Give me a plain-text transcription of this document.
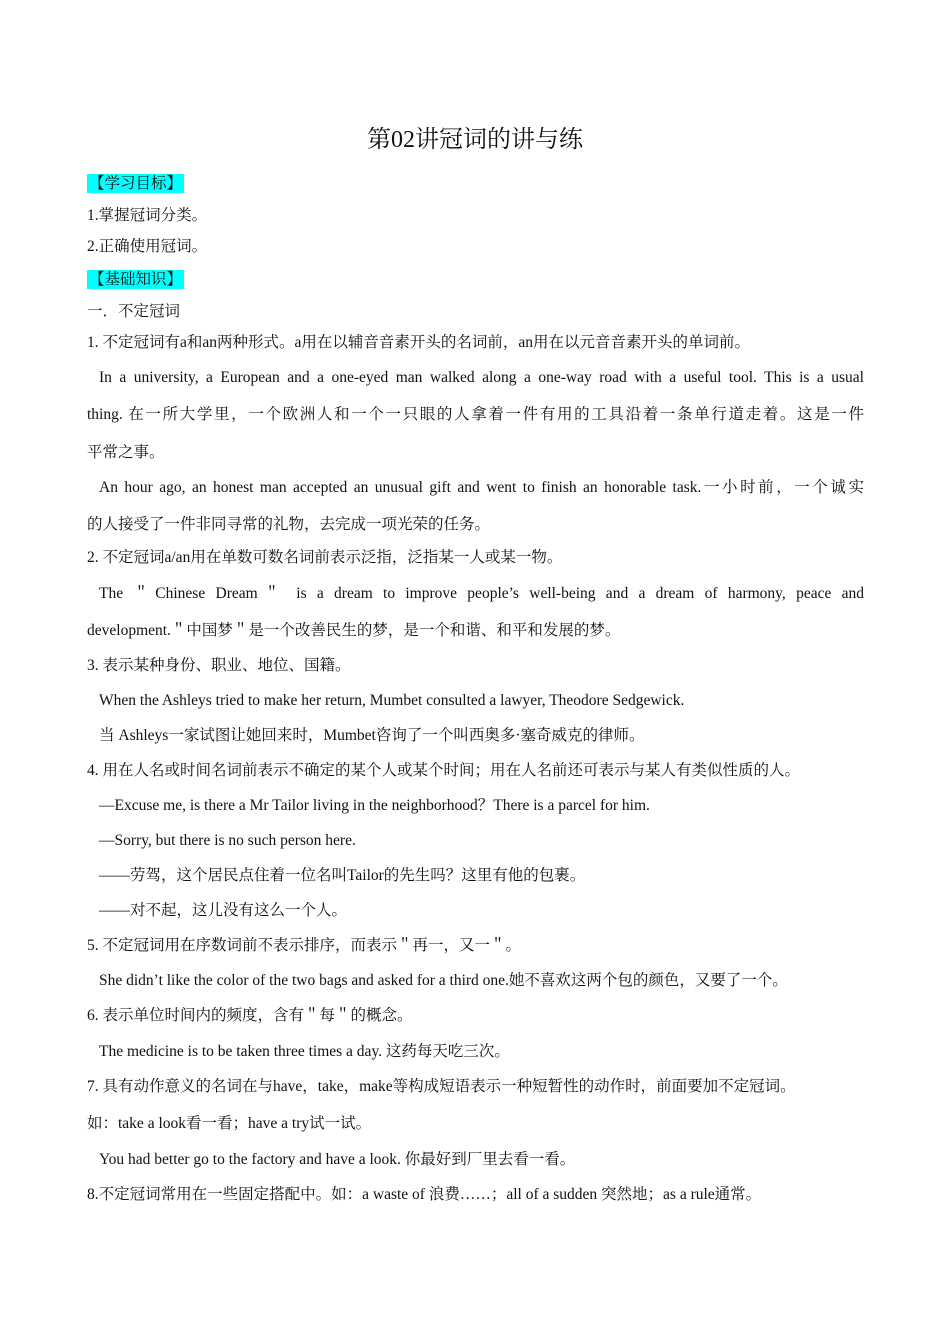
第02讲冠词的讲与练
【学习目标】
1.掌握冠词分类。
2.正确使用冠词。
【基础知识】
一．不定冠词
1. 不定冠词有a和an两种形式。a用在以辅音音素开头的名词前，an用在以元音音素开头的单词前。
In a university, a European and a one-eyed man walked along a one-way road with a useful tool. This is a usual
thing. 在一所大学里，一个欧洲人和一个一只眼的人拿着一件有用的工具沿着一条单行道走着。这是一件
平常之事。
An hour ago, an honest man accepted an unusual gift and went to finish an honorable task.一小时前，一个诚实
的人接受了一件非同寻常的礼物，去完成一项光荣的任务。
2. 不定冠词a/an用在单数可数名词前表示泛指，泛指某一人或某一物。
The ＂Chinese Dream＂ is a dream to improve people’s well-being and a dream of harmony, peace and
development.＂中国梦＂是一个改善民生的梦，是一个和谐、和平和发展的梦。
3. 表示某种身份、职业、地位、国籍。
When the Ashleys tried to make her return, Mumbet consulted a lawyer, Theodore Sedgewick.
当 Ashleys一家试图让她回来时，Mumbet咨询了一个叫西奥多·塞奇威克的律师。
4. 用在人名或时间名词前表示不确定的某个人或某个时间；用在人名前还可表示与某人有类似性质的人。
—Excuse me, is there a Mr Tailor living in the neighborhood？There is a parcel for him.
—Sorry, but there is no such person here.
——劳驾，这个居民点住着一位名叫Tailor的先生吗？这里有他的包裹。
——对不起，这儿没有这么一个人。
5. 不定冠词用在序数词前不表示排序，而表示＂再一，又一＂。
She didn’t like the color of the two bags and asked for a third one.她不喜欢这两个包的颜色，又要了一个。
6. 表示单位时间内的频度，含有＂每＂的概念。
The medicine is to be taken three times a day. 这药每天吃三次。
7. 具有动作意义的名词在与have，take，make等构成短语表示一种短暂性的动作时，前面要加不定冠词。
如：take a look看一看；have a try试一试。
You had better go to the factory and have a look. 你最好到厂里去看一看。
8.不定冠词常用在一些固定搭配中。如：a waste of 浪费……；all of a sudden 突然地；as a rule通常。
